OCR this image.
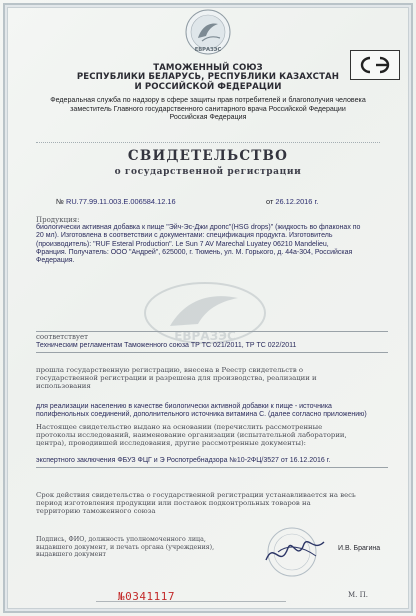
ЕВРАЗЭС
ТАМОЖЕННЫЙ СОЮЗ
РЕСПУБЛИКИ БЕЛАРУСЬ, РЕСПУБЛИКИ КАЗАХСТАН
И РОССИЙСКОЙ ФЕДЕРАЦИИ
Федеральная служба по надзору в сфере защиты прав потребителей и благополучия человека
заместитель Главного государственного санитарного врача Российской Федерации
Российская Федерация
СВИДЕТЕЛЬСТВО
о государственной регистрации
№ RU.77.99.11.003.Е.006584.12.16	от 26.12.2016 г.
Продукция:
биологически активная добавка к пище "Эйч-Эс-Джи дропс"(HSG drops)" (жидкость во флаконах по
20 мл). Изготовлена в соответствии с документами: спецификация продукта. Изготовитель
(производитель): "RUF Esteral Production". Le Sun 7 AV Marechal Luyatey 06210 Mandelieu,
Франция. Получатель: ООО "Андрей", 625000, г. Тюмень, ул. М. Горького, д. 44а-304, Российская
Федерация.
ЕВРАЗЭС
соответствует
Техническим регламентам Таможенного союза ТР ТС 021/2011, ТР ТС 022/2011
прошла государственную регистрацию, внесена в Реестр свидетельств о
государственной регистрации и разрешена для производства, реализации и
использования
для реализации населению в качестве биологически активной добавки к пище - источника
полифенольных соединений, дополнительного источника витамина С. (далее согласно приложению)
Настоящее свидетельство выдано на основании (перечислить рассмотренные
протоколы исследований, наименование организации (испытательной лаборатории,
центра), проводившей исследования, другие рассмотренные документы):
экспертного заключения ФБУЗ ФЦГ и Э Роспотребнадзора №10-2ФЦ/3527 от 16.12.2016 г.
Срок действия свидетельства о государственной регистрации устанавливается на весь
период изготовления продукции или поставок подконтрольных товаров на
территорию таможенного союза
Подпись, ФИО, должность уполномоченного лица,
выдавшего документ, и печать органа (учреждения),
выдавшего документ
И.В. Брагина
№0341117	М. П.
